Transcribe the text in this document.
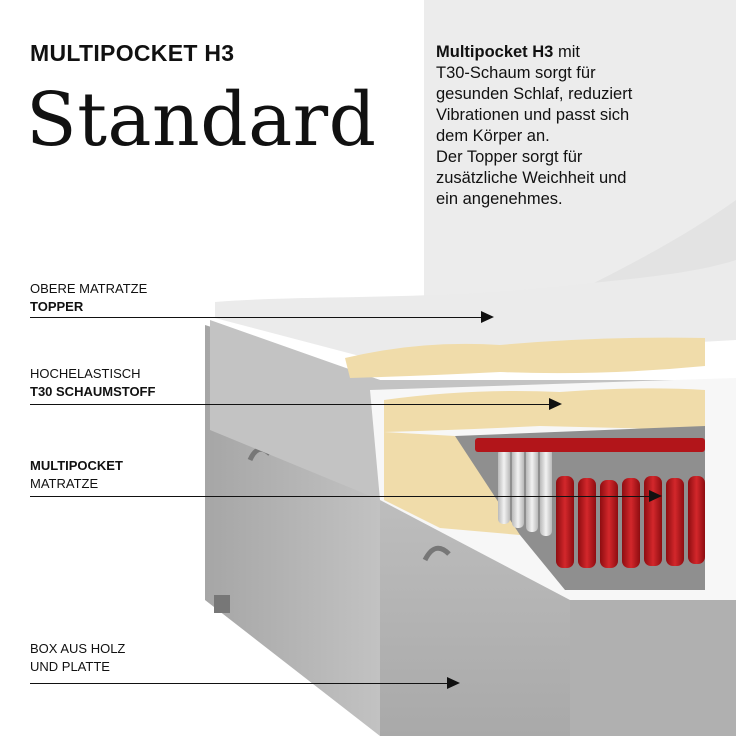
MULTIPOCKET H3
Standard
Multipocket H3 mit
T30-Schaum sorgt für
gesunden Schlaf, reduziert
Vibrationen und passt sich
dem Körper an.
Der Topper sorgt für
zusätzliche Weichheit und
ein angenehmes.
OBERE MATRATZE
TOPPER
HOCHELASTISCH
T30 SCHAUMSTOFF
MULTIPOCKET
MATRATZE
BOX AUS HOLZ
UND PLATTE
